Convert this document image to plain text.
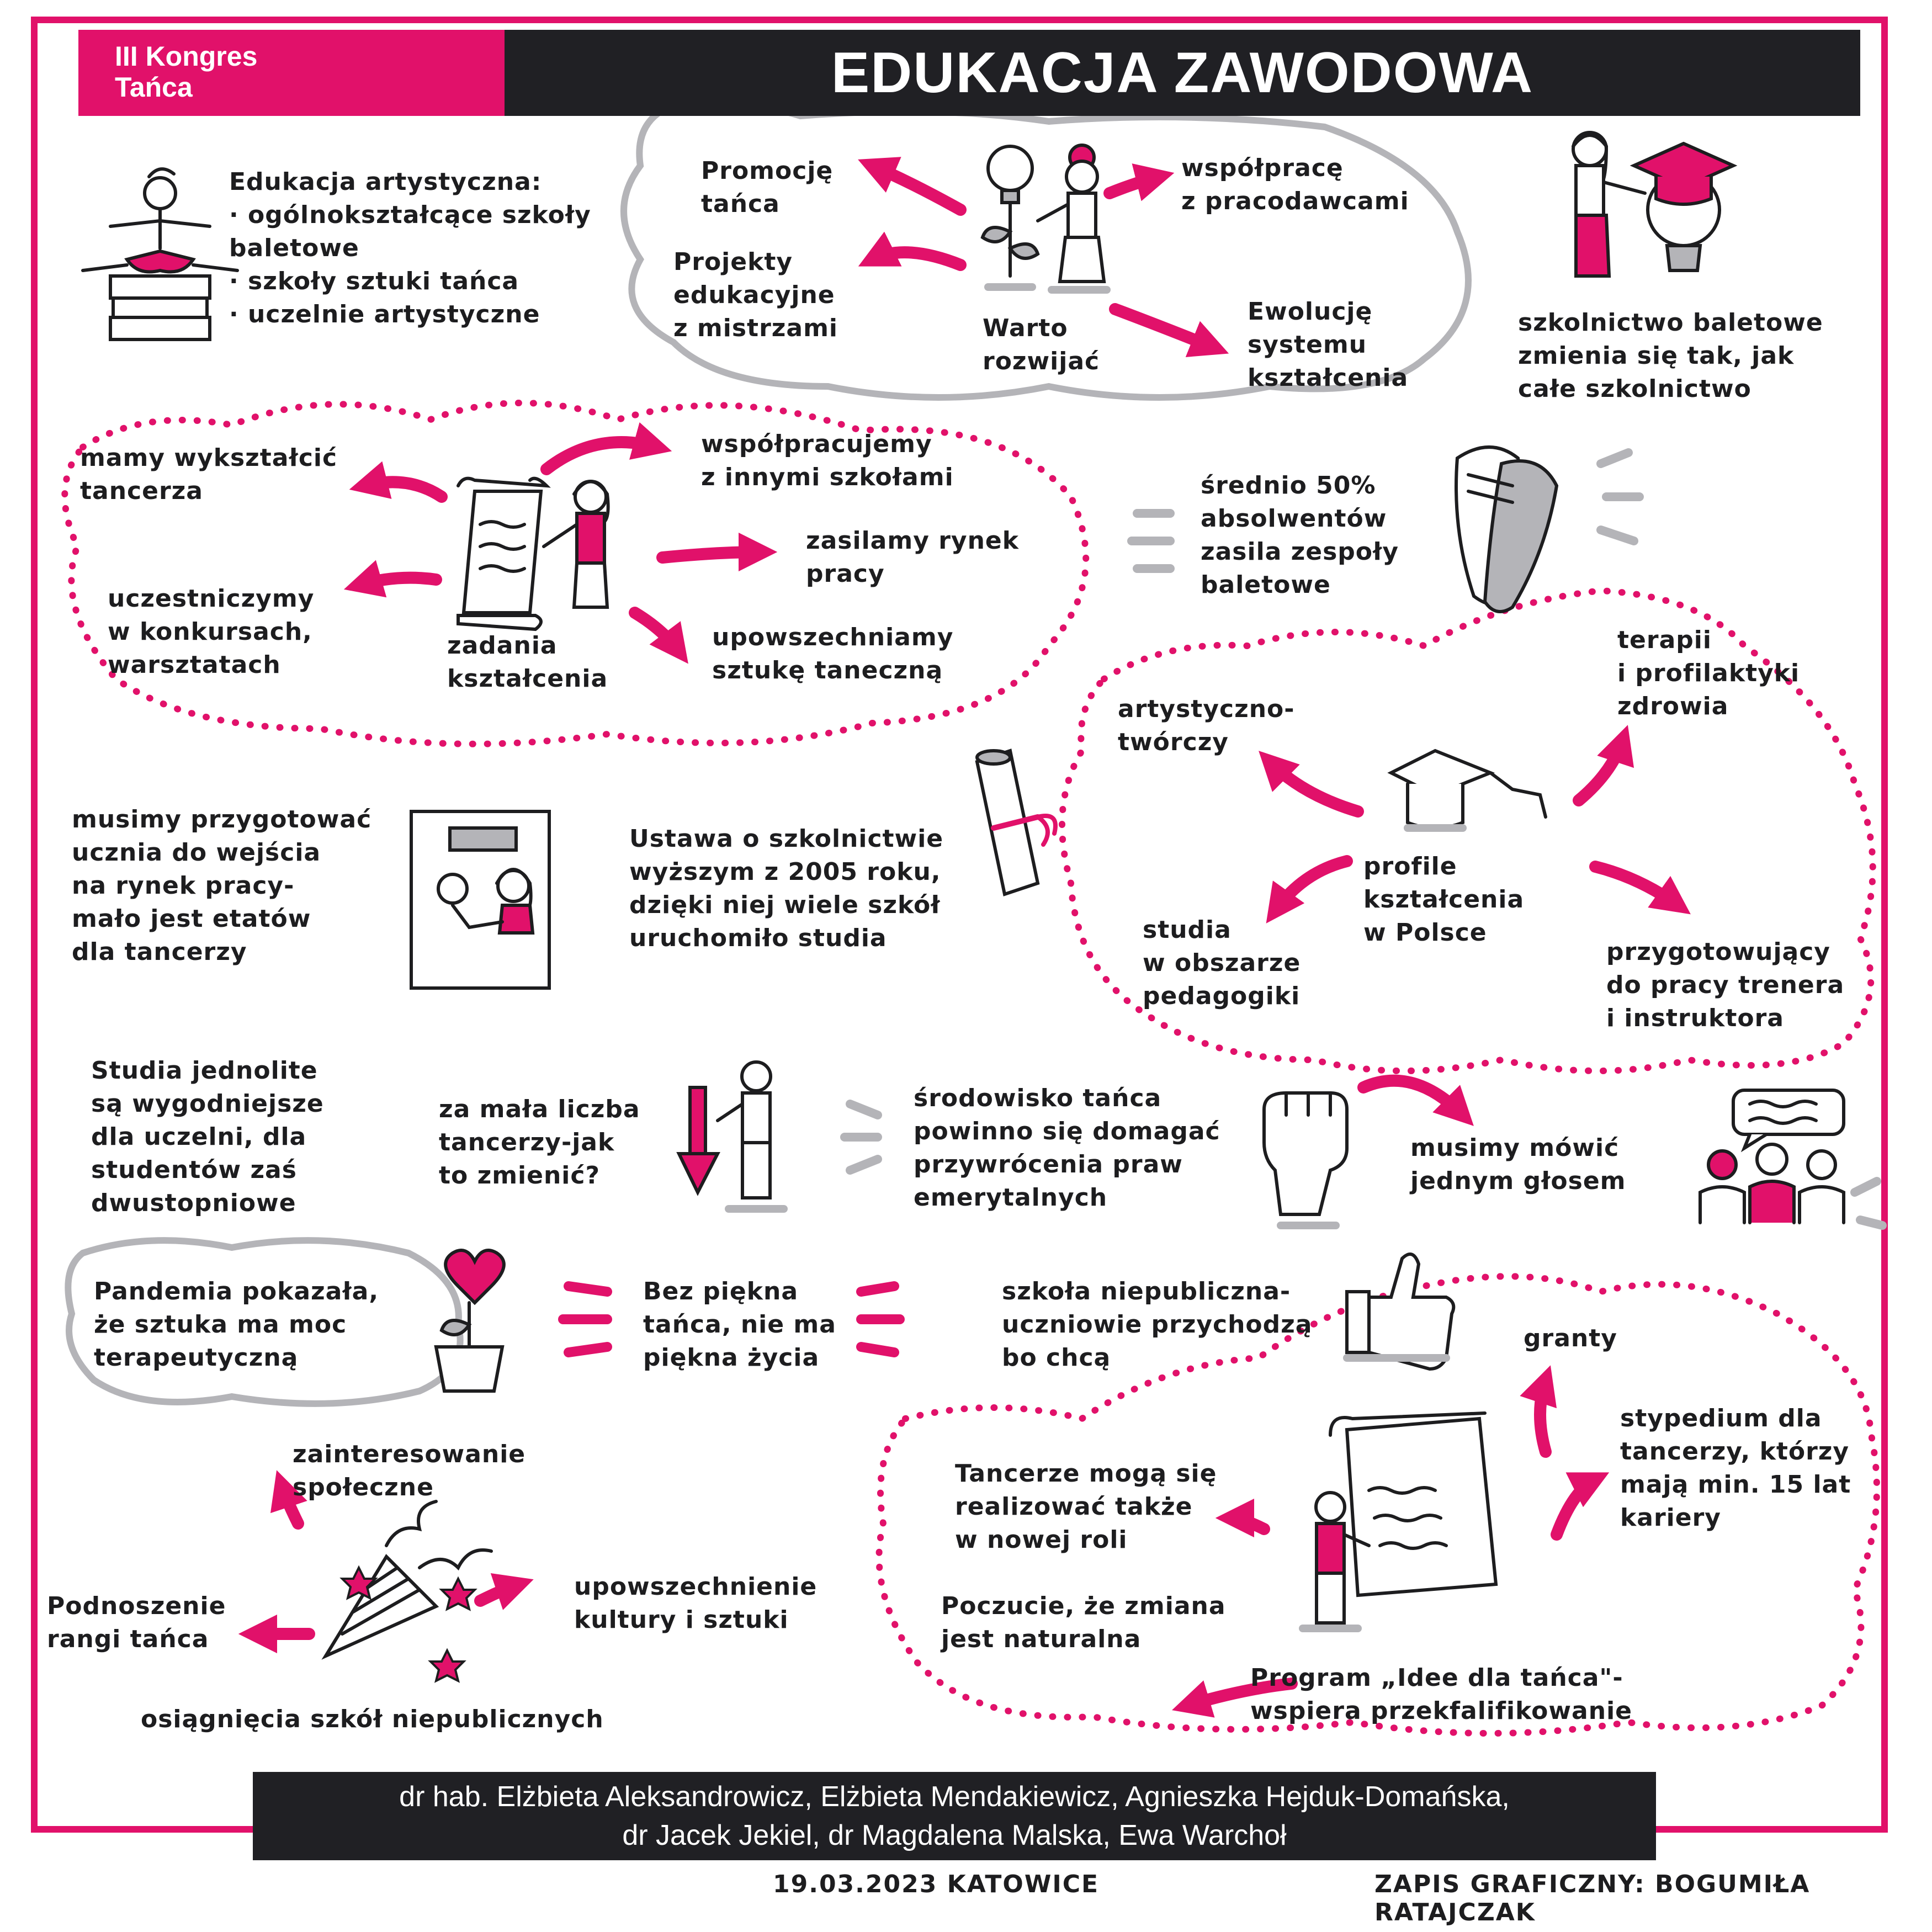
III Kongres
Tańca	EDUKACJA ZAWODOWA
Edukacja artystyczna:
· ogólnokształcące szkoły
baletowe
· szkoły sztuki tańca
· uczelnie artystyczne
Promocję
tańca
Projekty
edukacyjne
z mistrzami	Warto
rozwijać
współpracę
z pracodawcami
Ewolucję
systemu
kształcenia
szkolnictwo baletowe
zmienia się tak, jak
całe szkolnictwo
mamy wykształcić
tancerza
współpracujemy
z innymi szkołami
zasilamy rynek
pracy
uczestniczymy
w konkursach,
warsztatach
zadania
kształcenia
upowszechniamy
sztukę taneczną
średnio 50%
absolwentów
zasila zespoły
baletowe
musimy przygotować
ucznia do wejścia
na rynek pracy-
mało jest etatów
dla tancerzy
Ustawa o szkolnictwie
wyższym z 2005 roku,
dzięki niej wiele szkół
uruchomiło studia
artystyczno-
twórczy
terapii
i profilaktyki
zdrowia
profile
kształcenia
w Polsce
studia
w obszarze
pedagogiki
przygotowujący
do pracy trenera
i instruktora
Studia jednolite
są wygodniejsze
dla uczelni, dla
studentów zaś
dwustopniowe
za mała liczba
tancerzy-jak
to zmienić?
środowisko tańca
powinno się domagać
przywrócenia praw
emerytalnych
musimy mówić
jednym głosem
Pandemia pokazała,
że sztuka ma moc
terapeutyczną
Bez piękna
tańca, nie ma
piękna życia
szkoła niepubliczna-
uczniowie przychodzą
bo chcą
granty
stypedium dla
tancerzy, którzy
mają min. 15 lat
kariery
Tancerze mogą się
realizować także
w nowej roli
Poczucie, że zmiana
jest naturalna
Program „Idee dla tańca"-
wspiera przekfalifikowanie
zainteresowanie
społeczne
Podnoszenie
rangi tańca
upowszechnienie
kultury i sztuki
osiągnięcia szkół niepublicznych
dr hab. Elżbieta Aleksandrowicz, Elżbieta Mendakiewicz, Agnieszka Hejduk-Domańska,
dr Jacek Jekiel, dr Magdalena Malska, Ewa Warchoł
19.03.2023 KATOWICE	ZAPIS GRAFICZNY: BOGUMIŁA RATAJCZAK
